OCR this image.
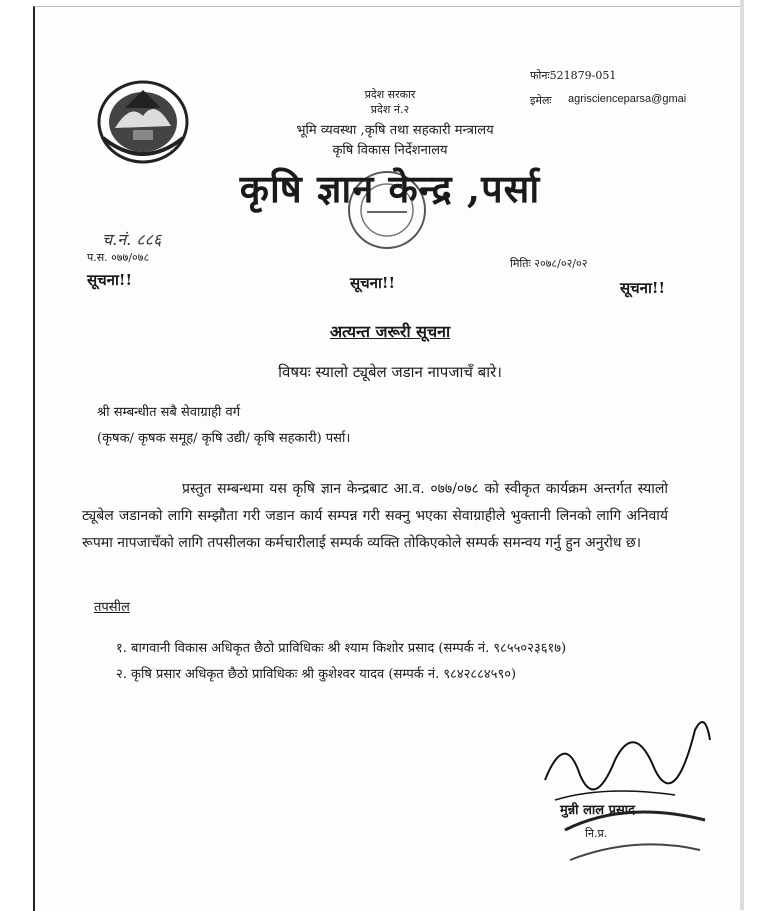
प्रदेश सरकार
प्रदेश नं.२
भूमि व्यवस्था ,कृषि तथा सहकारी मन्त्रालय
कृषि विकास निर्देशनालय
फोनः521879-051
इमेलः agriscienceparsa@gmai
कृषि ज्ञान केन्द्र ,पर्सा
च.नं. ८८६
प.स. ०७७/०७८	मितिः २०७८/०२/०२
सूचना!!	सूचना!!	सूचना!!
अत्यन्त जरूरी सूचना
विषयः स्यालो ट्यूबेल जडान नापजाचँ बारे।
श्री सम्बन्धीत सबै सेवाग्राही वर्ग
(कृषक/ कृषक समूह/ कृषि उद्यी/ कृषि सहकारी) पर्सा।
प्रस्तुत सम्बन्धमा यस कृषि ज्ञान केन्द्रबाट आ.व. ०७७/०७८ को स्वीकृत कार्यक्रम अन्तर्गत स्यालो ट्यूबेल जडानको लागि सम्झौता गरी जडान कार्य सम्पन्न गरी सक्नु भएका सेवाग्राहीले भुक्तानी लिनको लागि अनिवार्य रूपमा नापजाचँको लागि तपसीलका कर्मचारीलाई सम्पर्क व्यक्ति तोकिएकोले सम्पर्क समन्वय गर्नु हुन अनुरोध छ।
तपसील
१. बागवानी विकास अधिकृत छैठो प्राविधिकः श्री श्याम किशोर प्रसाद (सम्पर्क नं. ९८५५०२३६१७)
२. कृषि प्रसार अधिकृत छैठो प्राविधिकः श्री कुशेश्वर यादव (सम्पर्क नं. ९८४२८८४५९०)
मुन्नी लाल प्रसाद
नि.प्र.
